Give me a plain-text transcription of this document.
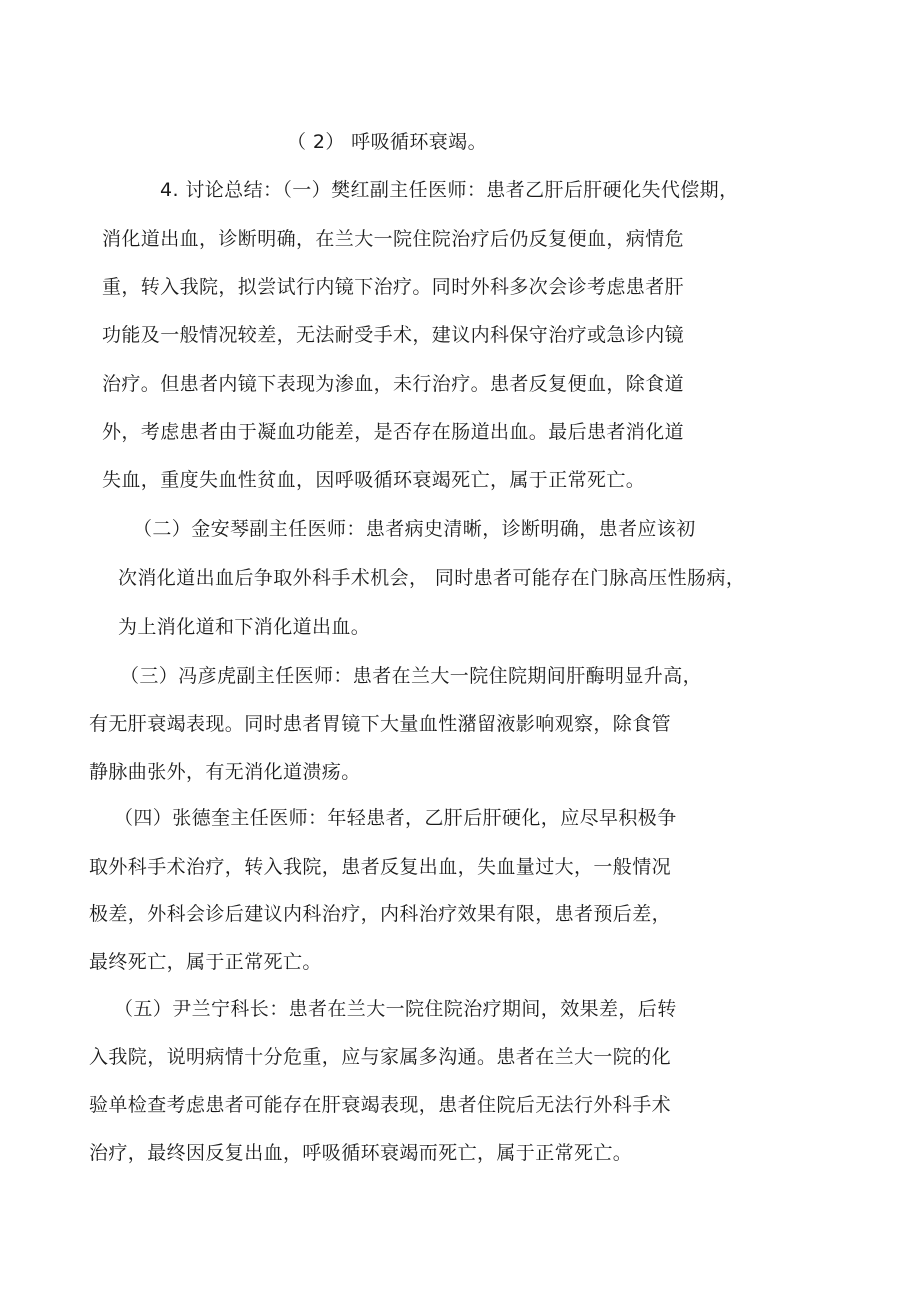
（ 2） 呼吸循环衰竭。
4. 讨论总结：（一）樊红副主任医师：患者乙肝后肝硬化失代偿期，
消化道出血，诊断明确，在兰大一院住院治疗后仍反复便血，病情危
重，转入我院，拟尝试行内镜下治疗。同时外科多次会诊考虑患者肝
功能及一般情况较差，无法耐受手术，建议内科保守治疗或急诊内镜
治疗。但患者内镜下表现为渗血，未行治疗。患者反复便血，除食道
外，考虑患者由于凝血功能差，是否存在肠道出血。最后患者消化道
失血，重度失血性贫血，因呼吸循环衰竭死亡，属于正常死亡。
（二）金安琴副主任医师：患者病史清晰，诊断明确，患者应该初
次消化道出血后争取外科手术机会， 同时患者可能存在门脉高压性肠病，
为上消化道和下消化道出血。
（三）冯彦虎副主任医师：患者在兰大一院住院期间肝酶明显升高，
有无肝衰竭表现。同时患者胃镜下大量血性潴留液影响观察，除食管
静脉曲张外，有无消化道溃疡。
（四）张德奎主任医师：年轻患者，乙肝后肝硬化，应尽早积极争
取外科手术治疗，转入我院，患者反复出血，失血量过大，一般情况
极差，外科会诊后建议内科治疗，内科治疗效果有限，患者预后差，
最终死亡，属于正常死亡。
（五）尹兰宁科长：患者在兰大一院住院治疗期间，效果差，后转
入我院，说明病情十分危重，应与家属多沟通。患者在兰大一院的化
验单检查考虑患者可能存在肝衰竭表现，患者住院后无法行外科手术
治疗，最终因反复出血，呼吸循环衰竭而死亡，属于正常死亡。
